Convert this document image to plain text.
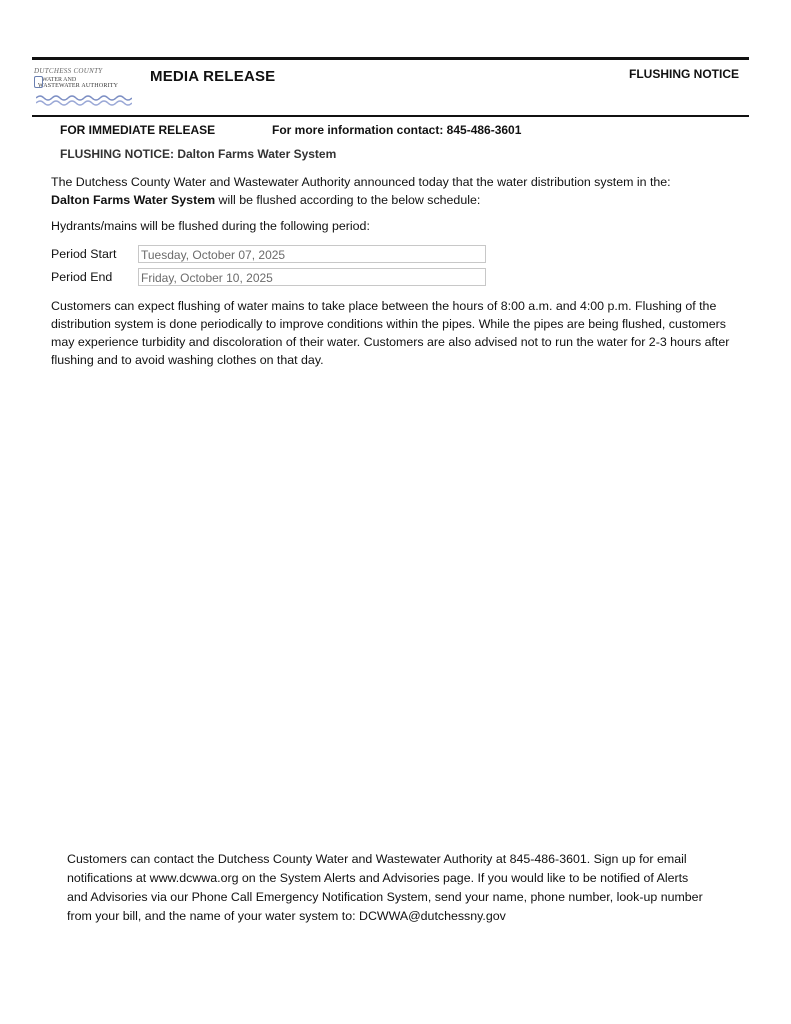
DUTCHESS COUNTY
WATER AND
WASTEWATER AUTHORITY
MEDIA RELEASE	FLUSHING NOTICE
FOR IMMEDIATE RELEASE	For more information contact: 845-486-3601
FLUSHING NOTICE: Dalton Farms Water System
The Dutchess County Water and Wastewater Authority announced today that the water distribution system in the:
Dalton Farms Water System will be flushed according to the below schedule:
Hydrants/mains will be flushed during the following period:
Period Start	Tuesday, October 07, 2025
Period End	Friday, October 10, 2025
Customers can expect flushing of water mains to take place between the hours of 8:00 a.m. and 4:00 p.m. Flushing of the distribution system is done periodically to improve conditions within the pipes. While the pipes are being flushed, customers may experience turbidity and discoloration of their water. Customers are also advised not to run the water for 2-3 hours after flushing and to avoid washing clothes on that day.
Customers can contact the Dutchess County Water and Wastewater Authority at 845-486-3601. Sign up for email notifications at www.dcwwa.org on the System Alerts and Advisories page. If you would like to be notified of Alerts and Advisories via our Phone Call Emergency Notification System, send your name, phone number, look-up number from your bill, and the name of your water system to: DCWWA@dutchessny.gov
